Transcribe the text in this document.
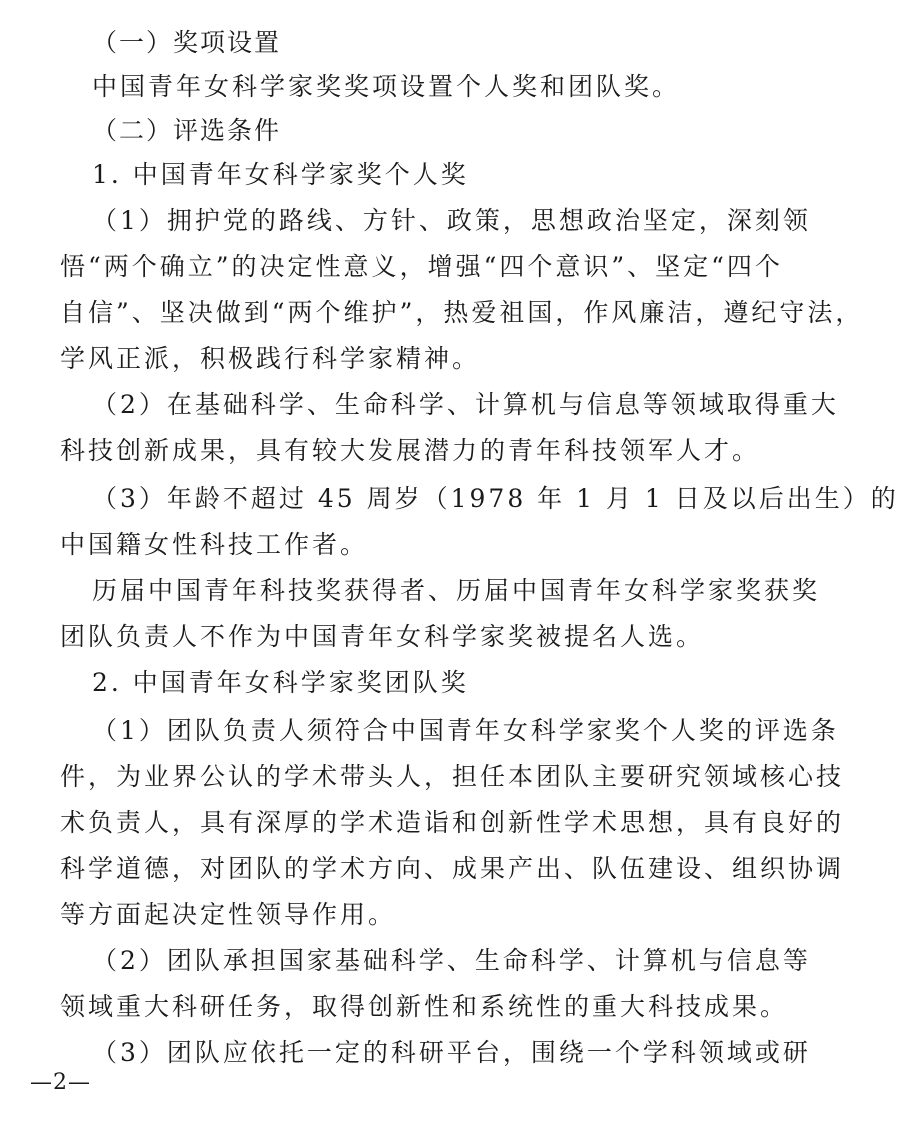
（一）奖项设置
中国青年女科学家奖奖项设置个人奖和团队奖。
（二）评选条件
1. 中国青年女科学家奖个人奖
（1）拥护党的路线、方针、政策，思想政治坚定，深刻领
悟“两个确立”的决定性意义，增强“四个意识”、坚定“四个
自信”、坚决做到“两个维护”，热爱祖国，作风廉洁，遵纪守法，
学风正派，积极践行科学家精神。
（2）在基础科学、生命科学、计算机与信息等领域取得重大
科技创新成果，具有较大发展潜力的青年科技领军人才。
（3）年龄不超过 45 周岁（1978 年 1 月 1 日及以后出生）的
中国籍女性科技工作者。
历届中国青年科技奖获得者、历届中国青年女科学家奖获奖
团队负责人不作为中国青年女科学家奖被提名人选。
2. 中国青年女科学家奖团队奖
（1）团队负责人须符合中国青年女科学家奖个人奖的评选条
件，为业界公认的学术带头人，担任本团队主要研究领域核心技
术负责人，具有深厚的学术造诣和创新性学术思想，具有良好的
科学道德，对团队的学术方向、成果产出、队伍建设、组织协调
等方面起决定性领导作用。
（2）团队承担国家基础科学、生命科学、计算机与信息等
领域重大科研任务，取得创新性和系统性的重大科技成果。
（3）团队应依托一定的科研平台，围绕一个学科领域或研
—2—
